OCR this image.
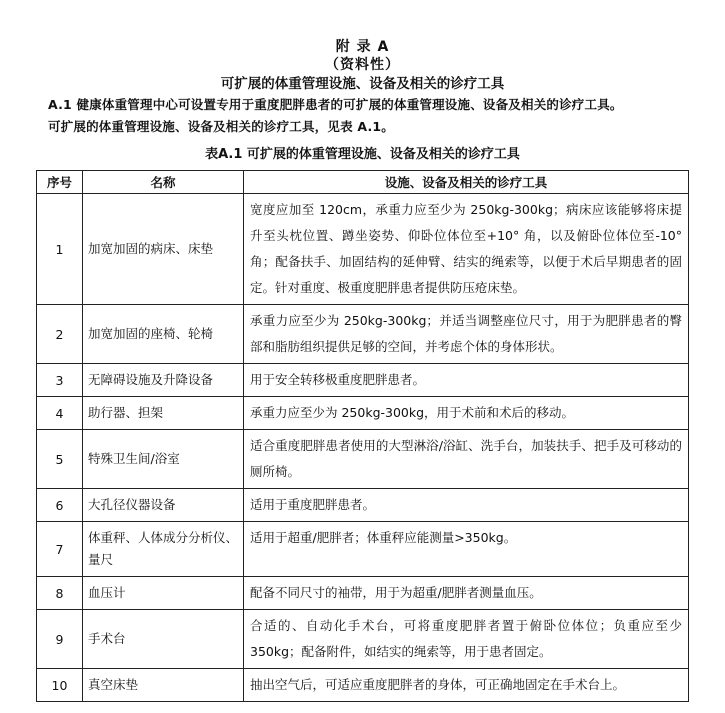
附 录 A
（资料性）
可扩展的体重管理设施、设备及相关的诊疗工具
A.1 健康体重管理中心可设置专用于重度肥胖患者的可扩展的体重管理设施、设备及相关的诊疗工具。
可扩展的体重管理设施、设备及相关的诊疗工具，见表 A.1。
表A.1 可扩展的体重管理设施、设备及相关的诊疗工具
序号	名称	设施、设备及相关的诊疗工具
1	加宽加固的病床、床垫	宽度应加至 120cm，承重力应至少为 250kg-300kg；病床应该能够将床提升至头枕位置、蹲坐姿势、仰卧位体位至+10° 角，以及俯卧位体位至-10° 角；配备扶手、加固结构的延伸臂、结实的绳索等，以便于术后早期患者的固定。针对重度、极重度肥胖患者提供防压疮床垫。
2	加宽加固的座椅、轮椅	承重力应至少为 250kg-300kg；并适当调整座位尺寸，用于为肥胖患者的臀部和脂肪组织提供足够的空间，并考虑个体的身体形状。
3	无障碍设施及升降设备	用于安全转移极重度肥胖患者。
4	助行器、担架	承重力应至少为 250kg-300kg，用于术前和术后的移动。
5	特殊卫生间/浴室	适合重度肥胖患者使用的大型淋浴/浴缸、洗手台，加装扶手、把手及可移动的厕所椅。
6	大孔径仪器设备	适用于重度肥胖患者。
7	体重秤、人体成分分析仪、量尺	适用于超重/肥胖者；体重秤应能测量>350kg。
8	血压计	配备不同尺寸的袖带，用于为超重/肥胖者测量血压。
9	手术台	合适的、自动化手术台，可将重度肥胖者置于俯卧位体位；负重应至少350kg；配备附件，如结实的绳索等，用于患者固定。
10	真空床垫	抽出空气后，可适应重度肥胖者的身体，可正确地固定在手术台上。
